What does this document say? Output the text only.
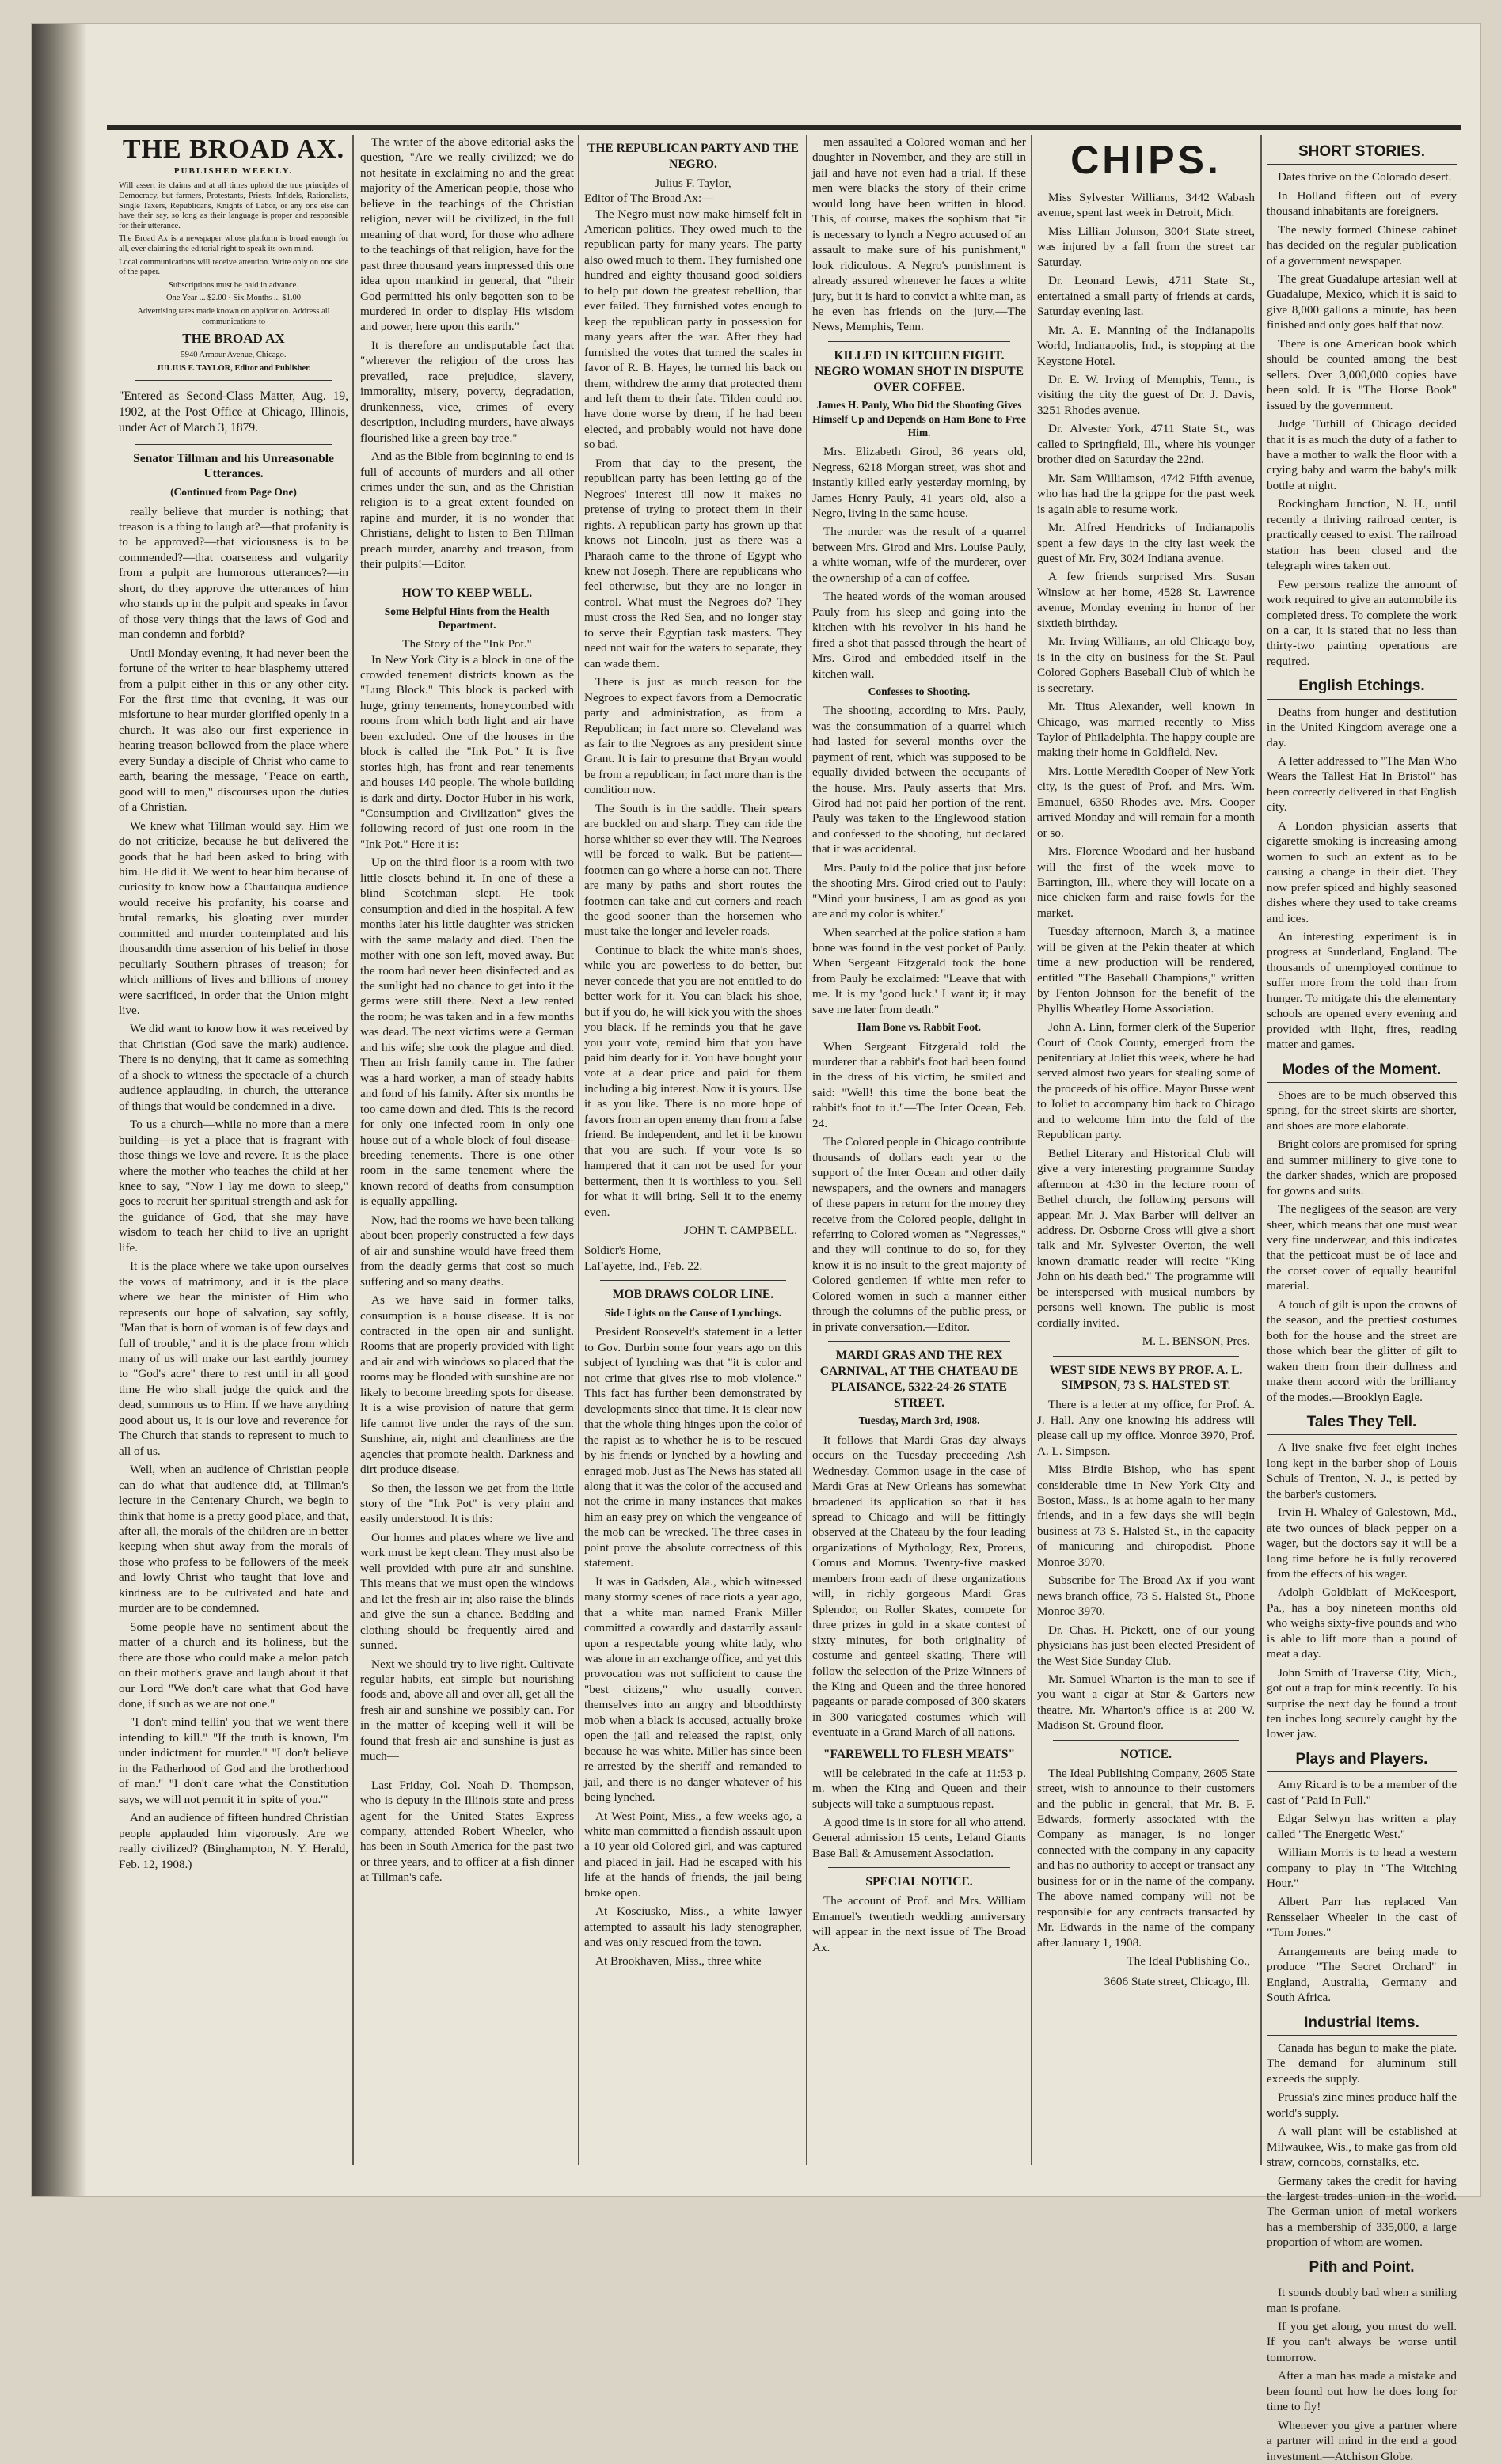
THE BROAD AX.
PUBLISHED WEEKLY.
Will assert its claims and at all times uphold the true principles of Democracy, but farmers, Protestants, Priests, Infidels, Rationalists, Single Taxers, Republicans, Knights of Labor, or any one else can have their say, so long as their language is proper and responsible for their utterance.
The Broad Ax is a newspaper whose platform is broad enough for all, ever claiming the editorial right to speak its own mind.
Local communications will receive attention. Write only on one side of the paper.
Subscriptions must be paid in advance.
One Year ... $2.00 · Six Months ... $1.00
Advertising rates made known on application. Address all communications to
THE BROAD AX
5940 Armour Avenue, Chicago.
JULIUS F. TAYLOR, Editor and Publisher.
"Entered as Second-Class Matter, Aug. 19, 1902, at the Post Office at Chicago, Illinois, under Act of March 3, 1879.
Senator Tillman and his Unreasonable Utterances.
(Continued from Page One)

really believe that murder is nothing; that treason is a thing to laugh at?—that profanity is to be approved?—that viciousness is to be commended?—that coarseness and vulgarity from a pulpit are humorous utterances?—in short, do they approve the utterances of him who stands up in the pulpit and speaks in favor of those very things that the laws of God and man condemn and forbid?

Until Monday evening, it had never been the fortune of the writer to hear blasphemy uttered from a pulpit either in this or any other city. For the first time that evening, it was our misfortune to hear murder glorified openly in a church. It was also our first experience in hearing treason bellowed from the place where every Sunday a disciple of Christ who came to earth, bearing the message, "Peace on earth, good will to men," discourses upon the duties of a Christian.

We knew what Tillman would say. Him we do not criticize, because he but delivered the goods that he had been asked to bring with him. He did it. We went to hear him because of curiosity to know how a Chautauqua audience would receive his profanity, his coarse and brutal remarks, his gloating over murder committed and murder contemplated and his thousandth time assertion of his belief in those peculiarly Southern phrases of treason; for which millions of lives and billions of money were sacrificed, in order that the Union might live.

We did want to know how it was received by that Christian (God save the mark) audience. There is no denying, that it came as something of a shock to witness the spectacle of a church audience applauding, in church, the utterance of things that would be condemned in a dive.

To us a church—while no more than a mere building—is yet a place that is fragrant with those things we love and revere. It is the place where the mother who teaches the child at her knee to say, "Now I lay me down to sleep," goes to recruit her spiritual strength and ask for the guidance of God, that she may have wisdom to teach her child to live an upright life.

It is the place where we take upon ourselves the vows of matrimony, and it is the place where we hear the minister of Him who represents our hope of salvation, say softly, "Man that is born of woman is of few days and full of trouble," and it is the place from which many of us will make our last earthly journey to "God's acre" there to rest until in all good time He who shall judge the quick and the dead, summons us to Him. If we have anything good about us, it is our love and reverence for The Church that stands to represent to much to all of us.

Well, when an audience of Christian people can do what that audience did, at Tillman's lecture in the Centenary Church, we begin to think that home is a pretty good place, and that, after all, the morals of the children are in better keeping when shut away from the morals of those who profess to be followers of the meek and lowly Christ who taught that love and kindness are to be cultivated and hate and murder are to be condemned.

Some people have no sentiment about the matter of a church and its holiness, but the there are those who could make a melon patch on their mother's grave and laugh about it that our Lord "We don't care what that God have done, if such as we are not one."

"I don't mind tellin' you that we went there intending to kill." "If the truth is known, I'm under indictment for murder." "I don't believe in the Fatherhood of God and the brotherhood of man." "I don't care what the Constitution says, we will not permit it in 'spite of you.'"

And an audience of fifteen hundred Christian people applauded him vigorously. Are we really civilized? (Binghampton, N. Y. Herald, Feb. 12, 1908.)

The writer of the above editorial asks the question, "Are we really civilized; we do not hesitate in exclaiming no and the great majority of the American people, those who believe in the teachings of the Christian religion, never will be civilized, in the full meaning of that word, for those who adhere to the teachings of that religion, have for the past three thousand years impressed this one idea upon mankind in general, that "their God permitted his only begotten son to be murdered in order to display His wisdom and power, here upon this earth."

It is therefore an undisputable fact that "wherever the religion of the cross has prevailed, race prejudice, slavery, immorality, misery, poverty, degradation, drunkenness, vice, crimes of every description, including murders, have always flourished like a green bay tree."

And as the Bible from beginning to end is full of accounts of murders and all other crimes under the sun, and as the Christian religion is to a great extent founded on rapine and murder, it is no wonder that Christians, delight to listen to Ben Tillman preach murder, anarchy and treason, from their pulpits!—Editor.

HOW TO KEEP WELL.
Some Helpful Hints from the Health Department.
The Story of the "Ink Pot."

In New York City is a block in one of the crowded tenement districts known as the "Lung Block." This block is packed with huge, grimy tenements, honeycombed with rooms from which both light and air have been excluded. One of the houses in the block is called the "Ink Pot." It is five stories high, has front and rear tenements and houses 140 people. The whole building is dark and dirty. Doctor Huber in his work, "Consumption and Civilization" gives the following record of just one room in the "Ink Pot." Here it is:

Up on the third floor is a room with two little closets behind it. In one of these a blind Scotchman slept. He took consumption and died in the hospital. A few months later his little daughter was stricken with the same malady and died. Then the mother with one son left, moved away. But the room had never been disinfected and as the sunlight had no chance to get into it the germs were still there. Next a Jew rented the room; he was taken and in a few months was dead. The next victims were a German and his wife; she took the plague and died. Then an Irish family came in. The father was a hard worker, a man of steady habits and fond of his family. After six months he too came down and died. This is the record for only one infected room in only one house out of a whole block of foul disease-breeding tenements. There is one other room in the same tenement where the known record of deaths from consumption is equally appalling.

Now, had the rooms we have been talking about been properly constructed a few days of air and sunshine would have freed them from the deadly germs that cost so much suffering and so many deaths.

As we have said in former talks, consumption is a house disease. It is not contracted in the open air and sunlight. Rooms that are properly provided with light and air and with windows so placed that the rooms may be flooded with sunshine are not likely to become breeding spots for disease. It is a wise provision of nature that germ life cannot live under the rays of the sun. Sunshine, air, night and cleanliness are the agencies that promote health. Darkness and dirt produce disease.

So then, the lesson we get from the little story of the "Ink Pot" is very plain and easily understood. It is this:

Our homes and places where we live and work must be kept clean. They must also be well provided with pure air and sunshine. This means that we must open the windows and let the fresh air in; also raise the blinds and give the sun a chance. Bedding and clothing should be frequently aired and sunned.

Next we should try to live right. Cultivate regular habits, eat simple but nourishing foods and, above all and over all, get all the fresh air and sunshine we possibly can. For in the matter of keeping well it will be found that fresh air and sunshine is just as much—

Last Friday, Col. Noah D. Thompson, who is deputy in the Illinois state and press agent for the United States Express company, attended Robert Wheeler, who has been in South America for the past two or three years, and to officer at a fish dinner at Tillman's cafe.

THE REPUBLICAN PARTY AND THE NEGRO.
Julius F. Taylor,
Editor of The Broad Ax:—

The Negro must now make himself felt in American politics. They owed much to the republican party for many years. The party also owed much to them. They furnished one hundred and eighty thousand good soldiers to help put down the greatest rebellion, that ever failed. They furnished votes enough to keep the republican party in possession for many years after the war. After they had furnished the votes that turned the scales in favor of R. B. Hayes, he turned his back on them, withdrew the army that protected them and left them to their fate. Tilden could not have done worse by them, if he had been elected, and probably would not have done so bad.

From that day to the present, the republican party has been letting go of the Negroes' interest till now it makes no pretense of trying to protect them in their rights. A republican party has grown up that knows not Lincoln, just as there was a Pharaoh came to the throne of Egypt who knew not Joseph. There are republicans who feel otherwise, but they are no longer in control. What must the Negroes do? They must cross the Red Sea, and no longer stay to serve their Egyptian task masters. They need not wait for the waters to separate, they can wade them.

There is just as much reason for the Negroes to expect favors from a Democratic party and administration, as from a Republican; in fact more so. Cleveland was as fair to the Negroes as any president since Grant. It is fair to presume that Bryan would be from a republican; in fact more than is the condition now.

The South is in the saddle. Their spears are buckled on and sharp. They can ride the horse whither so ever they will. The Negroes will be forced to walk. But be patient—footmen can go where a horse can not. There are many by paths and short routes the footmen can take and cut corners and reach the good sooner than the horsemen who must take the longer and leveler roads.

Continue to black the white man's shoes, while you are powerless to do better, but never concede that you are not entitled to do better work for it. You can black his shoe, but if you do, he will kick you with the shoes you black. If he reminds you that he gave you your vote, remind him that you have paid him dearly for it. You have bought your vote at a dear price and paid for them including a big interest. Now it is yours. Use it as you like. There is no more hope of favors from an open enemy than from a false friend. Be independent, and let it be known that you are such. If your vote is so hampered that it can not be used for your betterment, then it is worthless to you. Sell for what it will bring. Sell it to the enemy even.

JOHN T. CAMPBELL.
Soldier's Home,
LaFayette, Ind., Feb. 22.
MOB DRAWS COLOR LINE.
Side Lights on the Cause of Lynchings.

President Roosevelt's statement in a letter to Gov. Durbin some four years ago on this subject of lynching was that "it is color and not crime that gives rise to mob violence." This fact has further been demonstrated by developments since that time. It is clear now that the whole thing hinges upon the color of the rapist as to whether he is to be rescued by his friends or lynched by a howling and enraged mob. Just as The News has stated all along that it was the color of the accused and not the crime in many instances that makes him an easy prey on which the vengeance of the mob can be wrecked. The three cases in point prove the absolute correctness of this statement.

It was in Gadsden, Ala., which witnessed many stormy scenes of race riots a year ago, that a white man named Frank Miller committed a cowardly and dastardly assault upon a respectable young white lady, who was alone in an exchange office, and yet this provocation was not sufficient to cause the "best citizens," who usually convert themselves into an angry and bloodthirsty mob when a black is accused, actually broke open the jail and released the rapist, only because he was white. Miller has since been re-arrested by the sheriff and remanded to jail, and there is no danger whatever of his being lynched.

At West Point, Miss., a few weeks ago, a white man committed a fiendish assault upon a 10 year old Colored girl, and was captured and placed in jail. Had he escaped with his life at the hands of friends, the jail being broke open.

At Kosciusko, Miss., a white lawyer attempted to assault his lady stenographer, and was only rescued from the town.

At Brookhaven, Miss., three white

men assaulted a Colored woman and her daughter in November, and they are still in jail and have not even had a trial. If these men were blacks the story of their crime would long have been written in blood. This, of course, makes the sophism that "it is necessary to lynch a Negro accused of an assault to make sure of his punishment," look ridiculous. A Negro's punishment is already assured whenever he faces a white jury, but it is hard to convict a white man, as he even has friends on the jury.—The News, Memphis, Tenn.

KILLED IN KITCHEN FIGHT. NEGRO WOMAN SHOT IN DISPUTE OVER COFFEE.
James H. Pauly, Who Did the Shooting Gives Himself Up and Depends on Ham Bone to Free Him.

Mrs. Elizabeth Girod, 36 years old, Negress, 6218 Morgan street, was shot and instantly killed early yesterday morning, by James Henry Pauly, 41 years old, also a Negro, living in the same house.

The murder was the result of a quarrel between Mrs. Girod and Mrs. Louise Pauly, a white woman, wife of the murderer, over the ownership of a can of coffee.

The heated words of the woman aroused Pauly from his sleep and going into the kitchen with his revolver in his hand he fired a shot that passed through the heart of Mrs. Girod and embedded itself in the kitchen wall.

Confesses to Shooting.

The shooting, according to Mrs. Pauly, was the consummation of a quarrel which had lasted for several months over the payment of rent, which was supposed to be equally divided between the occupants of the house. Mrs. Pauly asserts that Mrs. Girod had not paid her portion of the rent. Pauly was taken to the Englewood station and confessed to the shooting, but declared that it was accidental.

Mrs. Pauly told the police that just before the shooting Mrs. Girod cried out to Pauly: "Mind your business, I am as good as you are and my color is whiter."

When searched at the police station a ham bone was found in the vest pocket of Pauly. When Sergeant Fitzgerald took the bone from Pauly he exclaimed: "Leave that with me. It is my 'good luck.' I want it; it may save me later from death."

Ham Bone vs. Rabbit Foot.

When Sergeant Fitzgerald told the murderer that a rabbit's foot had been found in the dress of his victim, he smiled and said: "Well! this time the bone beat the rabbit's foot to it."—The Inter Ocean, Feb. 24.

The Colored people in Chicago contribute thousands of dollars each year to the support of the Inter Ocean and other daily newspapers, and the owners and managers of these papers in return for the money they receive from the Colored people, delight in referring to Colored women as "Negresses," and they will continue to do so, for they know it is no insult to the great majority of Colored gentlemen if white men refer to Colored women in such a manner either through the columns of the public press, or in private conversation.—Editor.

MARDI GRAS AND THE REX CARNIVAL, AT THE CHATEAU DE PLAISANCE, 5322-24-26 STATE STREET.
Tuesday, March 3rd, 1908.

It follows that Mardi Gras day always occurs on the Tuesday preceeding Ash Wednesday. Common usage in the case of Mardi Gras at New Orleans has somewhat broadened its application so that it has spread to Chicago and will be fittingly observed at the Chateau by the four leading organizations of Mythology, Rex, Proteus, Comus and Momus. Twenty-five masked members from each of these organizations will, in richly gorgeous Mardi Gras Splendor, on Roller Skates, compete for three prizes in gold in a skate contest of sixty minutes, for both originality of costume and genteel skating. There will follow the selection of the Prize Winners of the King and Queen and the three honored pageants or parade composed of 300 skaters in 300 variegated costumes which will eventuate in a Grand March of all nations.

"FAREWELL TO FLESH MEATS"

will be celebrated in the cafe at 11:53 p. m. when the King and Queen and their subjects will take a sumptuous repast.

A good time is in store for all who attend. General admission 15 cents, Leland Giants Base Ball & Amusement Association.

SPECIAL NOTICE.

The account of Prof. and Mrs. William Emanuel's twentieth wedding anniversary will appear in the next issue of The Broad Ax.

CHIPS.

Miss Sylvester Williams, 3442 Wabash avenue, spent last week in Detroit, Mich.

Miss Lillian Johnson, 3004 State street, was injured by a fall from the street car Saturday.

Dr. Leonard Lewis, 4711 State St., entertained a small party of friends at cards, Saturday evening last.

Mr. A. E. Manning of the Indianapolis World, Indianapolis, Ind., is stopping at the Keystone Hotel.

Dr. E. W. Irving of Memphis, Tenn., is visiting the city the guest of Dr. J. Davis, 3251 Rhodes avenue.

Dr. Alvester York, 4711 State St., was called to Springfield, Ill., where his younger brother died on Saturday the 22nd.

Mr. Sam Williamson, 4742 Fifth avenue, who has had the la grippe for the past week is again able to resume work.

Mr. Alfred Hendricks of Indianapolis spent a few days in the city last week the guest of Mr. Fry, 3024 Indiana avenue.

A few friends surprised Mrs. Susan Winslow at her home, 4528 St. Lawrence avenue, Monday evening in honor of her sixtieth birthday.

Mr. Irving Williams, an old Chicago boy, is in the city on business for the St. Paul Colored Gophers Baseball Club of which he is secretary.

Mr. Titus Alexander, well known in Chicago, was married recently to Miss Taylor of Philadelphia. The happy couple are making their home in Goldfield, Nev.

Mrs. Lottie Meredith Cooper of New York city, is the guest of Prof. and Mrs. Wm. Emanuel, 6350 Rhodes ave. Mrs. Cooper arrived Monday and will remain for a month or so.

Mrs. Florence Woodard and her husband will the first of the week move to Barrington, Ill., where they will locate on a nice chicken farm and raise fowls for the market.

Tuesday afternoon, March 3, a matinee will be given at the Pekin theater at which time a new production will be rendered, entitled "The Baseball Champions," written by Fenton Johnson for the benefit of the Phyllis Wheatley Home Association.

John A. Linn, former clerk of the Superior Court of Cook County, emerged from the penitentiary at Joliet this week, where he had served almost two years for stealing some of the proceeds of his office. Mayor Busse went to Joliet to accompany him back to Chicago and to welcome him into the fold of the Republican party.

Bethel Literary and Historical Club will give a very interesting programme Sunday afternoon at 4:30 in the lecture room of Bethel church, the following persons will appear. Mr. J. Max Barber will deliver an address. Dr. Osborne Cross will give a short talk and Mr. Sylvester Overton, the well known dramatic reader will recite "King John on his death bed." The programme will be interspersed with musical numbers by persons well known. The public is most cordially invited.

M. L. BENSON, Pres.
WEST SIDE NEWS BY PROF. A. L. SIMPSON, 73 S. HALSTED ST.

There is a letter at my office, for Prof. A. J. Hall. Any one knowing his address will please call up my office. Monroe 3970, Prof. A. L. Simpson.

Miss Birdie Bishop, who has spent considerable time in New York City and Boston, Mass., is at home again to her many friends, and in a few days she will begin business at 73 S. Halsted St., in the capacity of manicuring and chiropodist. Phone Monroe 3970.

Subscribe for The Broad Ax if you want news branch office, 73 S. Halsted St., Phone Monroe 3970.

Dr. Chas. H. Pickett, one of our young physicians has just been elected President of the West Side Sunday Club.

Mr. Samuel Wharton is the man to see if you want a cigar at Star & Garters new theatre. Mr. Wharton's office is at 200 W. Madison St. Ground floor.

NOTICE.

The Ideal Publishing Company, 2605 State street, wish to announce to their customers and the public in general, that Mr. B. F. Edwards, formerly associated with the Company as manager, is no longer connected with the company in any capacity and has no authority to accept or transact any business for or in the name of the company. The above named company will not be responsible for any contracts transacted by Mr. Edwards in the name of the company after January 1, 1908.

The Ideal Publishing Co.,
3606 State street, Chicago, Ill.
SHORT STORIES.

Dates thrive on the Colorado desert.

In Holland fifteen out of every thousand inhabitants are foreigners.

The newly formed Chinese cabinet has decided on the regular publication of a government newspaper.

The great Guadalupe artesian well at Guadalupe, Mexico, which it is said to give 8,000 gallons a minute, has been finished and only goes half that now.

There is one American book which should be counted among the best sellers. Over 3,000,000 copies have been sold. It is "The Horse Book" issued by the government.

Judge Tuthill of Chicago decided that it is as much the duty of a father to have a mother to walk the floor with a crying baby and warm the baby's milk bottle at night.

Rockingham Junction, N. H., until recently a thriving railroad center, is practically ceased to exist. The railroad station has been closed and the telegraph wires taken out.

Few persons realize the amount of work required to give an automobile its completed dress. To complete the work on a car, it is stated that no less than thirty-two painting operations are required.

English Etchings.

Deaths from hunger and destitution in the United Kingdom average one a day.

A letter addressed to "The Man Who Wears the Tallest Hat In Bristol" has been correctly delivered in that English city.

A London physician asserts that cigarette smoking is increasing among women to such an extent as to be causing a change in their diet. They now prefer spiced and highly seasoned dishes where they used to take creams and ices.

An interesting experiment is in progress at Sunderland, England. The thousands of unemployed continue to suffer more from the cold than from hunger. To mitigate this the elementary schools are opened every evening and provided with light, fires, reading matter and games.

Modes of the Moment.

Shoes are to be much observed this spring, for the street skirts are shorter, and shoes are more elaborate.

Bright colors are promised for spring and summer millinery to give tone to the darker shades, which are proposed for gowns and suits.

The negligees of the season are very sheer, which means that one must wear very fine underwear, and this indicates that the petticoat must be of lace and the corset cover of equally beautiful material.

A touch of gilt is upon the crowns of the season, and the prettiest costumes both for the house and the street are those which bear the glitter of gilt to waken them from their dullness and make them accord with the brilliancy of the modes.—Brooklyn Eagle.

Tales They Tell.

A live snake five feet eight inches long kept in the barber shop of Louis Schuls of Trenton, N. J., is petted by the barber's customers.

Irvin H. Whaley of Galestown, Md., ate two ounces of black pepper on a wager, but the doctors say it will be a long time before he is fully recovered from the effects of his wager.

Adolph Goldblatt of McKeesport, Pa., has a boy nineteen months old who weighs sixty-five pounds and who is able to lift more than a pound of meat a day.

John Smith of Traverse City, Mich., got out a trap for mink recently. To his surprise the next day he found a trout ten inches long securely caught by the lower jaw.

Plays and Players.

Amy Ricard is to be a member of the cast of "Paid In Full."

Edgar Selwyn has written a play called "The Energetic West."

William Morris is to head a western company to play in "The Witching Hour."

Albert Parr has replaced Van Rensselaer Wheeler in the cast of "Tom Jones."

Arrangements are being made to produce "The Secret Orchard" in England, Australia, Germany and South Africa.

Industrial Items.

Canada has begun to make the plate. The demand for aluminum still exceeds the supply.

Prussia's zinc mines produce half the world's supply.

A wall plant will be established at Milwaukee, Wis., to make gas from old straw, corncobs, cornstalks, etc.

Germany takes the credit for having the largest trades union in the world. The German union of metal workers has a membership of 335,000, a large proportion of whom are women.

Pith and Point.

It sounds doubly bad when a smiling man is profane.

If you get along, you must do well. If you can't always be worse until tomorrow.

After a man has made a mistake and been found out how he does long for time to fly!

Whenever you give a partner where a partner will mind in the end a good investment.—Atchison Globe.
